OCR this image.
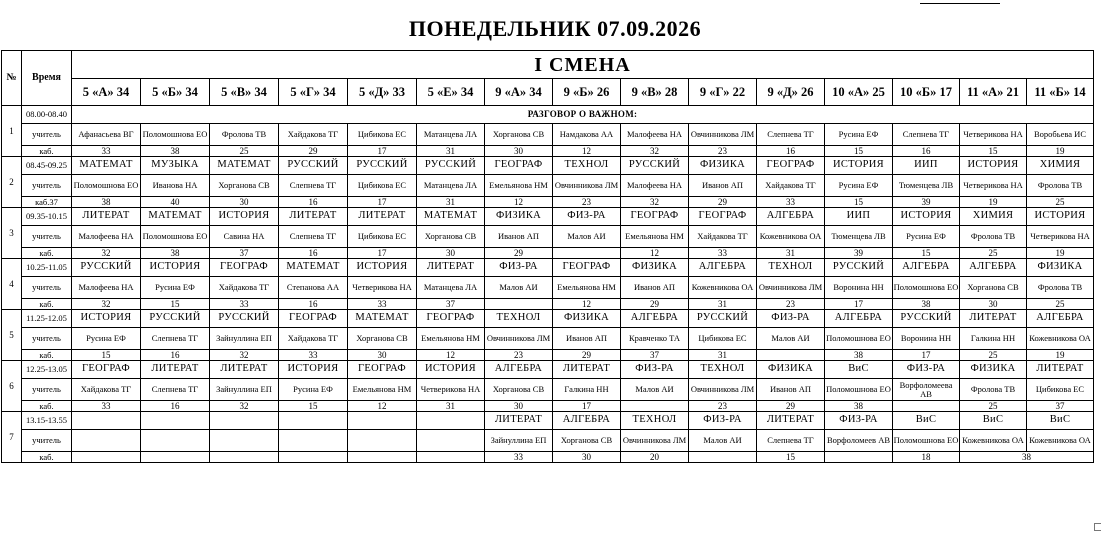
ПОНЕДЕЛЬНИК 07.09.2026
№	Время	I СМЕНА														
		5 «А» 34	5 «Б» 34	5 «В» 34	5 «Г» 34	5 «Д» 33	5 «Е» 34	9 «А» 34	9 «Б» 26	9 «В» 28	9 «Г» 22	9 «Д» 26	10 «А» 25	10 «Б» 17	11 «А» 21	11 «Б» 14
1	08.00-08.40	РАЗГОВОР О ВАЖНОМ:														
	учитель	Афанасьева ВГ	Поломошнова ЕО	Фролова ТВ	Хайдакова ТГ	Цибикова ЕС	Матанцева ЛА	Хорганова СВ	Намдакова АА	Малофеева НА	Овчинникова ЛМ	Слепнева ТГ	Русина ЕФ	Слепнева ТГ	Четверикова НА	Воробьева ИС
	каб.	33	38	25	29	17	31	30	12	32	23	16	15	16	15	19
2	08.45-09.25	МАТЕМАТ	МУЗЫКА	МАТЕМАТ	РУССКИЙ	РУССКИЙ	РУССКИЙ	ГЕОГРАФ	ТЕХНОЛ	РУССКИЙ	ФИЗИКА	ГЕОГРАФ	ИСТОРИЯ	ИИП	ИСТОРИЯ	ХИМИЯ
	учитель	Поломошнова ЕО	Иванова НА	Хорганова СВ	Слепнева ТГ	Цибикова ЕС	Матанцева ЛА	Емельянова НМ	Овчинникова ЛМ	Малофеева НА	Иванов АП	Хайдакова ТГ	Русина ЕФ	Тюменцева ЛВ	Четверикова НА	Фролова ТВ
	каб.37	38	40	30	16	17	31	12	23	32	29	33	15	39	19	25
3	09.35-10.15	ЛИТЕРАТ	МАТЕМАТ	ИСТОРИЯ	ЛИТЕРАТ	ЛИТЕРАТ	МАТЕМАТ	ФИЗИКА	ФИЗ-РА	ГЕОГРАФ	ГЕОГРАФ	АЛГЕБРА	ИИП	ИСТОРИЯ	ХИМИЯ	ИСТОРИЯ
	учитель	Малофеева НА	Поломошнова ЕО	Савина НА	Слепнева ТГ	Цибикова ЕС	Хорганова СВ	Иванов АП	Малов АИ	Емельянова НМ	Хайдакова ТГ	Кожевникова ОА	Тюменцева ЛВ	Русина ЕФ	Фролова ТВ	Четверикова НА
	каб.	32	38	37	16	17	30	29		12	33	31	39	15	25	19
4	10.25-11.05	РУССКИЙ	ИСТОРИЯ	ГЕОГРАФ	МАТЕМАТ	ИСТОРИЯ	ЛИТЕРАТ	ФИЗ-РА	ГЕОГРАФ	ФИЗИКА	АЛГЕБРА	ТЕХНОЛ	РУССКИЙ	АЛГЕБРА	АЛГЕБРА	ФИЗИКА
	учитель	Малофеева НА	Русина ЕФ	Хайдакова ТГ	Степанова АА	Четверикова НА	Матанцева ЛА	Малов АИ	Емельянова НМ	Иванов АП	Кожевникова ОА	Овчинникова ЛМ	Воронина НН	Поломошнова ЕО	Хорганова СВ	Фролова ТВ
	каб.	32	15	33	16	33	37		12	29	31	23	17	38	30	25
5	11.25-12.05	ИСТОРИЯ	РУССКИЙ	РУССКИЙ	ГЕОГРАФ	МАТЕМАТ	ГЕОГРАФ	ТЕХНОЛ	ФИЗИКА	АЛГЕБРА	РУССКИЙ	ФИЗ-РА	АЛГЕБРА	РУССКИЙ	ЛИТЕРАТ	АЛГЕБРА
	учитель	Русина ЕФ	Слепнева ТГ	Зайнуллина ЕП	Хайдакова ТГ	Хорганова СВ	Емельянова НМ	Овчинникова ЛМ	Иванов АП	Кравченко ТА	Цибикова ЕС	Малов АИ	Поломошнова ЕО	Воронина НН	Галкина НН	Кожевникова ОА
	каб.	15	16	32	33	30	12	23	29	37	31		38	17	25	19
6	12.25-13.05	ГЕОГРАФ	ЛИТЕРАТ	ЛИТЕРАТ	ИСТОРИЯ	ГЕОГРАФ	ИСТОРИЯ	АЛГЕБРА	ЛИТЕРАТ	ФИЗ-РА	ТЕХНОЛ	ФИЗИКА	ВиС	ФИЗ-РА	ФИЗИКА	ЛИТЕРАТ
	учитель	Хайдакова ТГ	Слепнева ТГ	Зайнуллина ЕП	Русина ЕФ	Емельянова НМ	Четверикова НА	Хорганова СВ	Галкина НН	Малов АИ	Овчинникова ЛМ	Иванов АП	Поломошнова ЕО	Ворфоломеева АВ	Фролова ТВ	Цибикова ЕС
	каб.	33	16	32	15	12	31	30	17		23	29	38		25	37
7	13.15-13.55							ЛИТЕРАТ	АЛГЕБРА	ТЕХНОЛ	ФИЗ-РА	ЛИТЕРАТ	ФИЗ-РА	ВиС	ВиС	ВиС
	учитель							Зайнуллина ЕП	Хорганова СВ	Овчинникова ЛМ	Малов АИ	Слепнева ТГ	Ворфоломеев АВ	Поломошнова ЕО	Кожевникова ОА	Кожевникова ОА
	каб.							33	30	20		15		18	38	
